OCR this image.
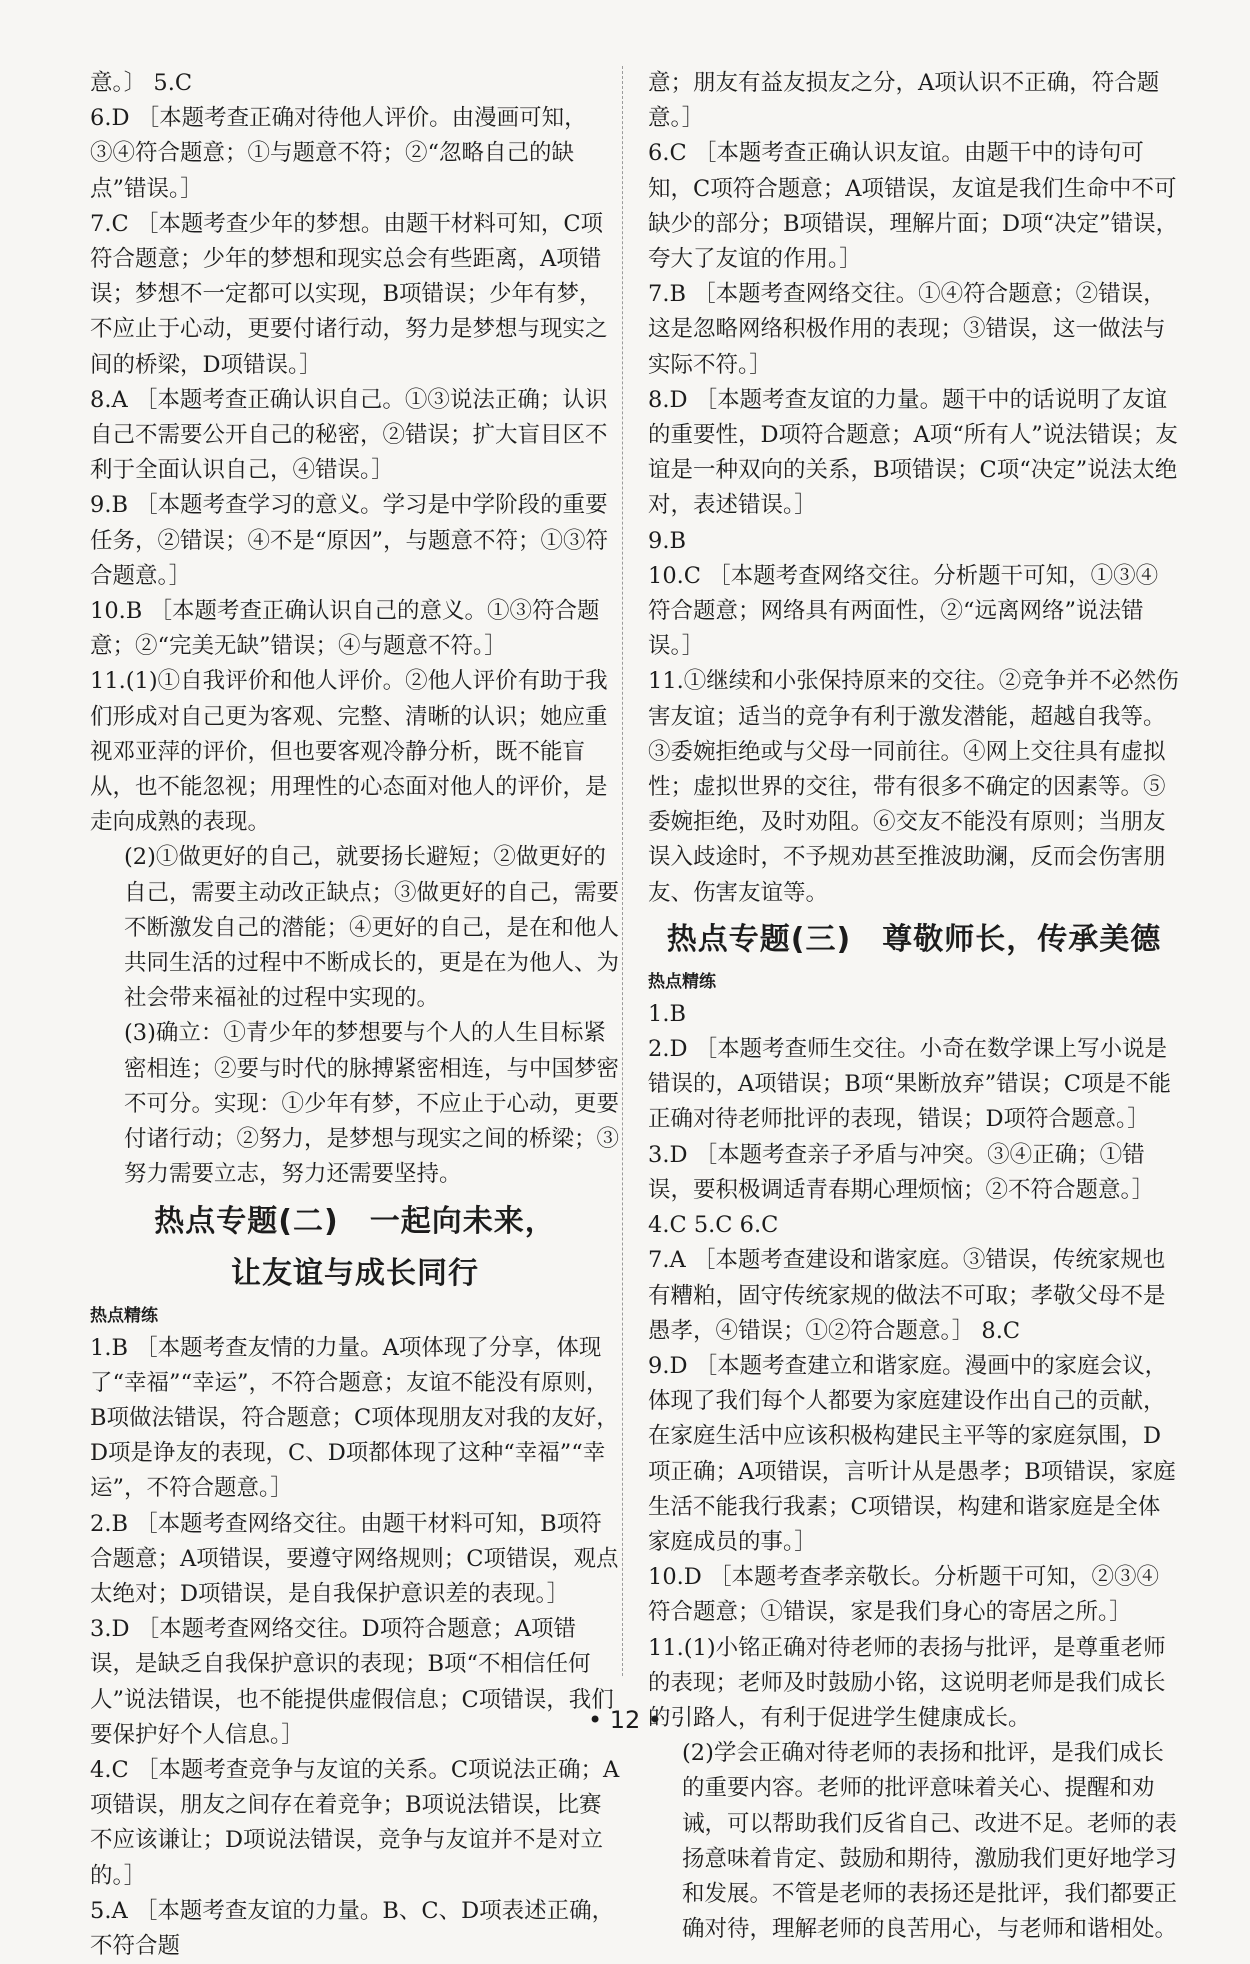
意。〕 5.C

6.D ［本题考查正确对待他人评价。由漫画可知，③④符合题意；①与题意不符；②“忽略自己的缺点”错误。］

7.C ［本题考查少年的梦想。由题干材料可知，C项符合题意；少年的梦想和现实总会有些距离，A项错误；梦想不一定都可以实现，B项错误；少年有梦，不应止于心动，更要付诸行动，努力是梦想与现实之间的桥梁，D项错误。］

8.A ［本题考查正确认识自己。①③说法正确；认识自己不需要公开自己的秘密，②错误；扩大盲目区不利于全面认识自己，④错误。］

9.B ［本题考查学习的意义。学习是中学阶段的重要任务，②错误；④不是“原因”，与题意不符；①③符合题意。］

10.B ［本题考查正确认识自己的意义。①③符合题意；②“完美无缺”错误；④与题意不符。］

11.(1)①自我评价和他人评价。②他人评价有助于我们形成对自己更为客观、完整、清晰的认识；她应重视邓亚萍的评价，但也要客观冷静分析，既不能盲从，也不能忽视；用理性的心态面对他人的评价，是走向成熟的表现。

(2)①做更好的自己，就要扬长避短；②做更好的自己，需要主动改正缺点；③做更好的自己，需要不断激发自己的潜能；④更好的自己，是在和他人共同生活的过程中不断成长的，更是在为他人、为社会带来福祉的过程中实现的。

(3)确立：①青少年的梦想要与个人的人生目标紧密相连；②要与时代的脉搏紧密相连，与中国梦密不可分。实现：①少年有梦，不应止于心动，更要付诸行动；②努力，是梦想与现实之间的桥梁；③努力需要立志，努力还需要坚持。

热点专题(二)　一起向未来，
让友谊与成长同行
热点精练

1.B ［本题考查友情的力量。A项体现了分享，体现了“幸福”“幸运”，不符合题意；友谊不能没有原则，B项做法错误，符合题意；C项体现朋友对我的友好，D项是诤友的表现，C、D项都体现了这种“幸福”“幸运”，不符合题意。］

2.B ［本题考查网络交往。由题干材料可知，B项符合题意；A项错误，要遵守网络规则；C项错误，观点太绝对；D项错误，是自我保护意识差的表现。］

3.D ［本题考查网络交往。D项符合题意；A项错误，是缺乏自我保护意识的表现；B项“不相信任何人”说法错误，也不能提供虚假信息；C项错误，我们要保护好个人信息。］

4.C ［本题考查竞争与友谊的关系。C项说法正确；A项错误，朋友之间存在着竞争；B项说法错误，比赛不应该谦让；D项说法错误，竞争与友谊并不是对立的。］

5.A ［本题考查友谊的力量。B、C、D项表述正确，不符合题

意；朋友有益友损友之分，A项认识不正确，符合题意。］

6.C ［本题考查正确认识友谊。由题干中的诗句可知，C项符合题意；A项错误，友谊是我们生命中不可缺少的部分；B项错误，理解片面；D项“决定”错误，夸大了友谊的作用。］

7.B ［本题考查网络交往。①④符合题意；②错误，这是忽略网络积极作用的表现；③错误，这一做法与实际不符。］

8.D ［本题考查友谊的力量。题干中的话说明了友谊的重要性，D项符合题意；A项“所有人”说法错误；友谊是一种双向的关系，B项错误；C项“决定”说法太绝对，表述错误。］

9.B

10.C ［本题考查网络交往。分析题干可知，①③④符合题意；网络具有两面性，②“远离网络”说法错误。］

11.①继续和小张保持原来的交往。②竞争并不必然伤害友谊；适当的竞争有利于激发潜能，超越自我等。③委婉拒绝或与父母一同前往。④网上交往具有虚拟性；虚拟世界的交往，带有很多不确定的因素等。⑤委婉拒绝，及时劝阻。⑥交友不能没有原则；当朋友误入歧途时，不予规劝甚至推波助澜，反而会伤害朋友、伤害友谊等。

热点专题(三)　尊敬师长，传承美德
热点精练

1.B

2.D ［本题考查师生交往。小奇在数学课上写小说是错误的，A项错误；B项“果断放弃”错误；C项是不能正确对待老师批评的表现，错误；D项符合题意。］

3.D ［本题考查亲子矛盾与冲突。③④正确；①错误，要积极调适青春期心理烦恼；②不符合题意。］ 4.C 5.C 6.C

7.A ［本题考查建设和谐家庭。③错误，传统家规也有糟粕，固守传统家规的做法不可取；孝敬父母不是愚孝，④错误；①②符合题意。］ 8.C

9.D ［本题考查建立和谐家庭。漫画中的家庭会议，体现了我们每个人都要为家庭建设作出自己的贡献，在家庭生活中应该积极构建民主平等的家庭氛围，D项正确；A项错误，言听计从是愚孝；B项错误，家庭生活不能我行我素；C项错误，构建和谐家庭是全体家庭成员的事。］

10.D ［本题考查孝亲敬长。分析题干可知，②③④符合题意；①错误，家是我们身心的寄居之所。］

11.(1)小铭正确对待老师的表扬与批评，是尊重老师的表现；老师及时鼓励小铭，这说明老师是我们成长的引路人，有利于促进学生健康成长。

(2)学会正确对待老师的表扬和批评，是我们成长的重要内容。老师的批评意味着关心、提醒和劝诫，可以帮助我们反省自己、改进不足。老师的表扬意味着肯定、鼓励和期待，激励我们更好地学习和发展。不管是老师的表扬还是批评，我们都要正确对待，理解老师的良苦用心，与老师和谐相处。

• 12 •
